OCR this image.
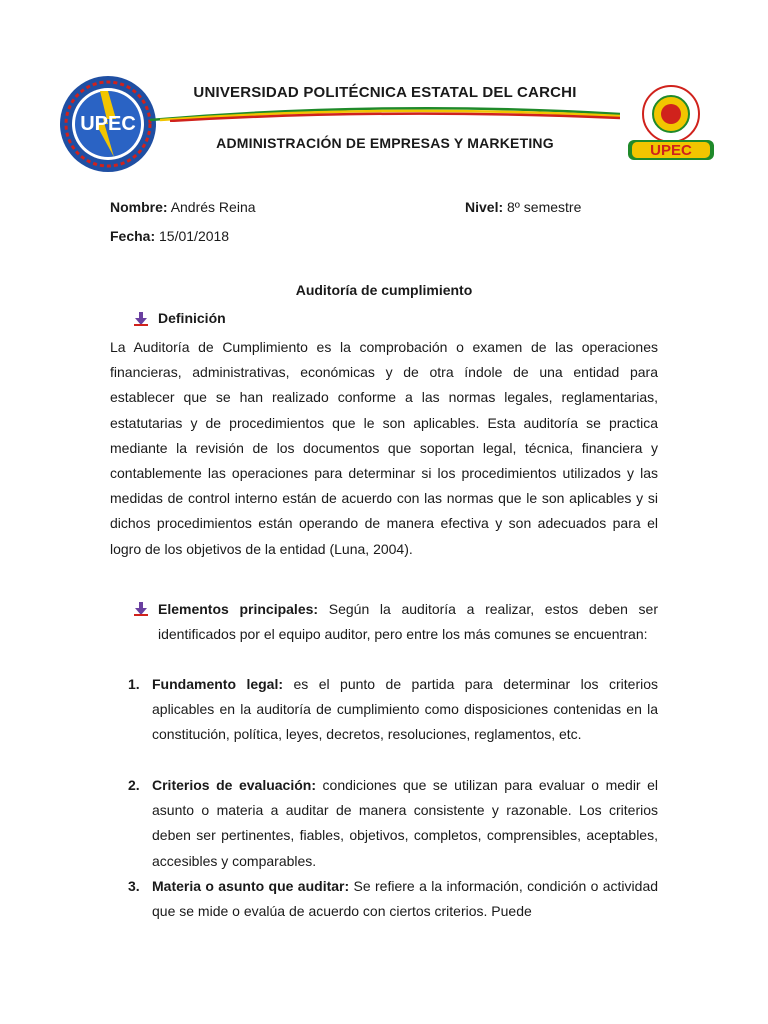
UPEC
UNIVERSIDAD POLITÉCNICA ESTATAL DEL CARCHI
ADMINISTRACIÓN DE EMPRESAS Y MARKETING	UPEC
Nombre: Andrés Reina	Nivel: 8º semestre
Fecha: 15/01/2018
Auditoría de cumplimiento
Definición
La Auditoría de Cumplimiento es la comprobación o examen de las operaciones financieras, administrativas, económicas y de otra índole de una entidad para establecer que se han realizado conforme a las normas legales, reglamentarias, estatutarias y de procedimientos que le son aplicables. Esta auditoría se practica mediante la revisión de los documentos que soportan legal, técnica, financiera y contablemente las operaciones para determinar si los procedimientos utilizados y las medidas de control interno están de acuerdo con las normas que le son aplicables y si dichos procedimientos están operando de manera efectiva y son adecuados para el logro de los objetivos de la entidad (Luna, 2004).
Elementos principales: Según la auditoría a realizar, estos deben ser identificados por el equipo auditor, pero entre los más comunes se encuentran:
1. Fundamento legal: es el punto de partida para determinar los criterios aplicables en la auditoría de cumplimiento como disposiciones contenidas en la constitución, política, leyes, decretos, resoluciones, reglamentos, etc.
2. Criterios de evaluación: condiciones que se utilizan para evaluar o medir el asunto o materia a auditar de manera consistente y razonable. Los criterios deben ser pertinentes, fiables, objetivos, completos, comprensibles, aceptables, accesibles y comparables.
3. Materia o asunto que auditar: Se refiere a la información, condición o actividad que se mide o evalúa de acuerdo con ciertos criterios. Puede
